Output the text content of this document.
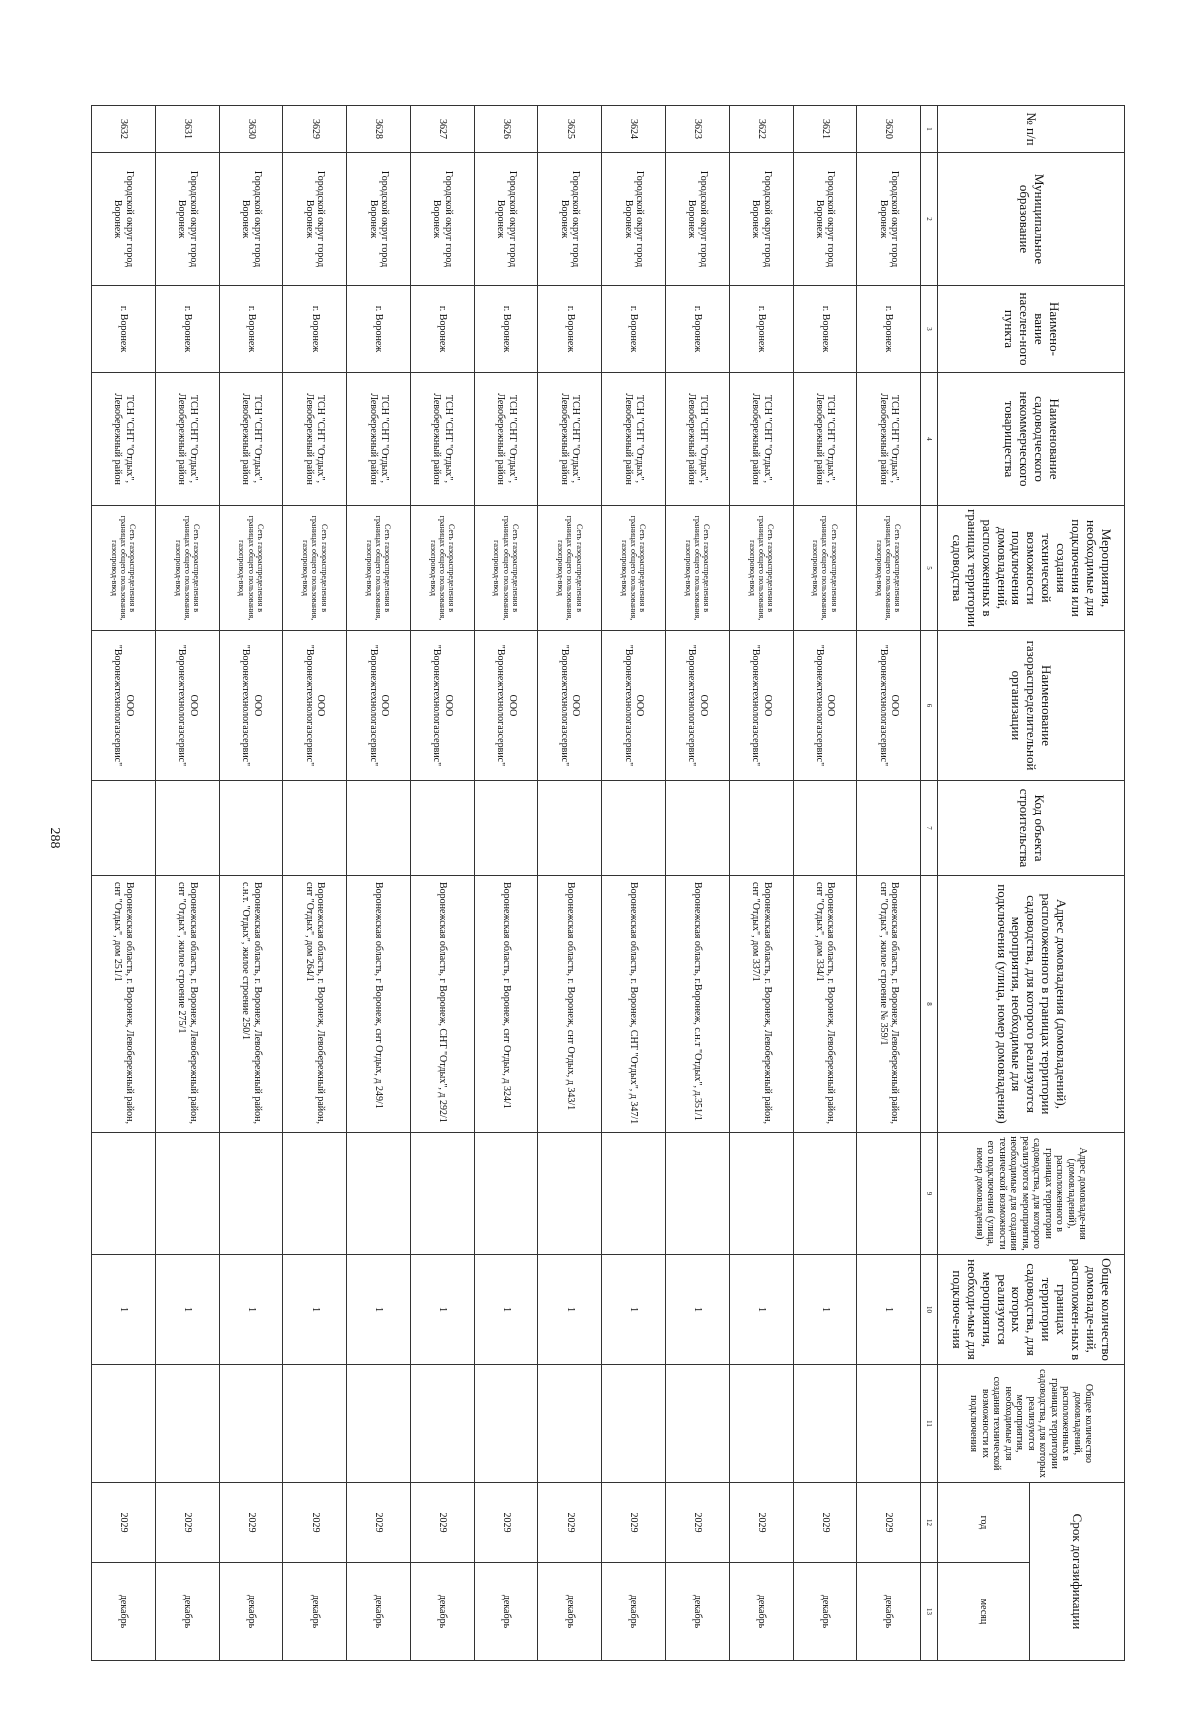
288
№ п/п	Муниципальное образование	Наимено-вание населен-ного пункта	Наименование садоводческого некоммерческого товарищества	Мероприятия, необходимые для подключения или создания технической возможности подключения домовладений, расположенных в границах территории садоводства	Наименование газораспределительной организации	Код объекта строительства	Адрес домовладения (домовладений), расположенного в границах территории садоводства, для которого реализуются мероприятия, необходимые для подключения (улица, номер домовладения)	Адрес домовладе-ния (домовладений), расположенного в границах территории садоводства, для которого реализуются мероприятия, необходимые для создания технической возможности его подключения (улица, номер домовладения)	Общее количество домовладе-ний, расположен-ных в границах территории садоводства, для которых реализуются мероприятия, необходи-мые для подключе-ния	Общее количество домовладений, расположенных в границах территории садоводства, для которых реализуются мероприятия, необходимые для создания технической возможности их подключения	Срок догазификации	
											год	месяц
1	2	3	4	5	6	7	8	9	10	11	12	13
3620	Городской округ город Воронеж	г. Воронеж	ТСН "СНТ "Отдых", Левобережный район	Сеть газораспределения в границах общего пользования, газопровод-ввод	ООО "Воронежтехнологазсервис"		Воронежская область, г. Воронеж, Левобережный район, снт "Отдых", жилое строение № 359/1		1		2029	декабрь
3621	Городской округ город Воронеж	г. Воронеж	ТСН "СНТ "Отдых", Левобережный район	Сеть газораспределения в границах общего пользования, газопровод-ввод	ООО "Воронежтехнологазсервис"		Воронежская область, г. Воронеж, Левобережный район, снт "Отдых", дом 334/1		1		2029	декабрь
3622	Городской округ город Воронеж	г. Воронеж	ТСН "СНТ "Отдых", Левобережный район	Сеть газораспределения в границах общего пользования, газопровод-ввод	ООО "Воронежтехнологазсервис"		Воронежская область, г. Воронеж, Левобережный район, снт "Отдых", дом 337/1		1		2029	декабрь
3623	Городской округ город Воронеж	г. Воронеж	ТСН "СНТ "Отдых", Левобережный район	Сеть газораспределения в границах общего пользования, газопровод-ввод	ООО "Воронежтехнологазсервис"		Воронежская область, г.Воронеж, с.н.т "Отдых", д.351/1		1		2029	декабрь
3624	Городской округ город Воронеж	г. Воронеж	ТСН "СНТ "Отдых", Левобережный район	Сеть газораспределения в границах общего пользования, газопровод-ввод	ООО "Воронежтехнологазсервис"		Воронежская область, г. Воронеж, СНТ "Отдых", д 347/1		1		2029	декабрь
3625	Городской округ город Воронеж	г. Воронеж	ТСН "СНТ "Отдых", Левобережный район	Сеть газораспределения в границах общего пользования, газопровод-ввод	ООО "Воронежтехнологазсервис"		Воронежская область, г. Воронеж, снт Отдых, д 343/1		1		2029	декабрь
3626	Городской округ город Воронеж	г. Воронеж	ТСН "СНТ "Отдых", Левобережный район	Сеть газораспределения в границах общего пользования, газопровод-ввод	ООО "Воронежтехнологазсервис"		Воронежская область, г Воронеж, снт Отдых, д 324/1		1		2029	декабрь
3627	Городской округ город Воронеж	г. Воронеж	ТСН "СНТ "Отдых", Левобережный район	Сеть газораспределения в границах общего пользования, газопровод-ввод	ООО "Воронежтехнологазсервис"		Воронежская область, г Воронеж, СНТ "Отдых", д 292/1		1		2029	декабрь
3628	Городской округ город Воронеж	г. Воронеж	ТСН "СНТ "Отдых", Левобережный район	Сеть газораспределения в границах общего пользования, газопровод-ввод	ООО "Воронежтехнологазсервис"		Воронежская область, г Воронеж, снт Отдых, д 249/1		1		2029	декабрь
3629	Городской округ город Воронеж	г. Воронеж	ТСН "СНТ "Отдых", Левобережный район	Сеть газораспределения в границах общего пользования, газопровод-ввод	ООО "Воронежтехнологазсервис"		Воронежская область, г. Воронеж, Левобережный район, снт "Отдых", дом 264/1		1		2029	декабрь
3630	Городской округ город Воронеж	г. Воронеж	ТСН "СНТ "Отдых", Левобережный район	Сеть газораспределения в границах общего пользования, газопровод-ввод	ООО "Воронежтехнологазсервис"		Воронежская область, г. Воронеж, Левобережный район, с.н.т. "Отдых", жилое строение 250/1		1		2029	декабрь
3631	Городской округ город Воронеж	г. Воронеж	ТСН "СНТ "Отдых", Левобережный район	Сеть газораспределения в границах общего пользования, газопровод-ввод	ООО "Воронежтехнологазсервис"		Воронежская область, г. Воронеж, Левобережный район, снт "Отдых", жилое строение 275/1		1		2029	декабрь
3632	Городской округ город Воронеж	г. Воронеж	ТСН "СНТ "Отдых", Левобережный район	Сеть газораспределения в границах общего пользования, газопровод-ввод	ООО "Воронежтехнологазсервис"		Воронежская область, г. Воронеж, Левобережный район, снт "Отдых", дом 251/1		1		2029	декабрь
